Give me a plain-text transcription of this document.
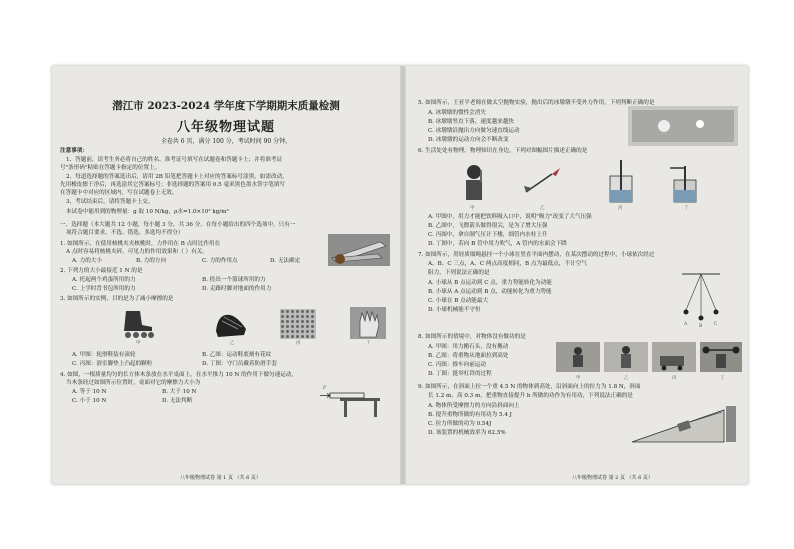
潜江市 2023-2024 学年度下学期期末质量检测
八年级物理试题
全卷共 6 页，满分 100 分，考试时间 90 分钟。
注意事项：
1、答题前，请考生务必将自己的姓名、准考证号填写在试题卷和答题卡上；并将准考证
号"条形码"粘贴在答题卡指定的位置上。
2、每道选择题的答案选出后，请用 2B 铅笔把答题卡上对应的答案标号涂黑，如需改动，
先用橡皮擦干净后，再选涂其它答案标号；非选择题的答案用 0.5 毫米黑色墨水签字笔填写
在答题卡中对应的区域内，写在试题卷上无效。
3、考试结束后，请将答题卡上交。
本试卷中能用到的物理量：g 取 10 N/kg，ρ水=1.0×10³ kg/m³
一、选择题（本大题共 12 小题，每小题 3 分，共 36 分。在每小题给出的四个选项中，只有一
项符合题目要求，不选、错选、多选均不得分）
1. 如图所示，在使用核桃夹夹核桃时，力作用在 B 点时比作用在
A 点时容易将核桃夹碎，可见力的作用效果和（ ）有关。
A. 力的大小	B. 力的方向	C. 力的作用点	D. 无法确定
2. 下列力的大小最接近 1 N 的是
A. 托起两个鸡蛋所用的力	B. 投出一个篮球所用的力
C. 上学时背书包所用的力	D. 走路时脚对地面的作用力
3. 如图所示的实例，目的是为了减小摩擦的是
甲	乙	丙	丁
A. 甲图：轮滑鞋装有滚轮	B. 乙图：运动鞋底刻有花纹
C. 丙图：浴室脚垫上凸起的颗粒	D. 丁图：守门员戴着防滑手套
4. 如图，一根质量均匀的长方体木条放在水平桌面上，在水平推力 10 N 的作用下做匀速运动，
当木条经过如图所示位置时，桌面对它的摩擦力大小为
A. 等于 10 N	B. 大于 10 N
C. 小于 10 N	D. 无法判断
F
八年级物理试卷 第 1 页 （共 6 页）
5. 如图所示，王亚平老师在做太空抛物实验，抛出后的冰墩墩不受外力作用，下列判断正确的是
A. 冰墩墩的惯性会消失
B. 冰墩墩竖直下落，速度越来越快
C. 冰墩墩沿抛出方向做匀速直线运动
D. 冰墩墩的运动方向会不断改变
6. 生活处处有物理，物理知识在身边，下列对图幅图片描述正确的是
甲	乙	丙	丁
A. 甲图中，用力才能把饮料吸入口中，说明"吸力"改变了大气压强
B. 乙图中，飞镖箭头做得很尖，是为了增大压强
C. 丙图中，拿自制气压计下楼，细管内水柱上升
D. 丁图中，若向 B 管中用力吹气，A 管内的水面会下降
7. 如图所示，用轻质细绳悬挂一个小球在竖直平面内摆动，在某次摆动的过程中，小球依次经过
A、B、C 三点，A、C 两点高度相同，B 点为最低点，不计空气
阻力，下列说法正确的是
A. 小球从 B 点运动到 C 点，重力势能转化为动能
B. 小球从 A 点运动到 B 点，动能转化为重力势能
C. 小球在 B 点动能最大
D. 小球机械能不守恒
A	B	C
8. 如图所示的情境中，对物体没有做功的是
A. 甲图：用力搬石头，没有搬动
B. 乙图：将重物从地面拉到高处
C. 丙图：推车向前运动
D. 丁图：挺举杠铃的过程
甲	乙	丙	丁
9. 如图所示，在斜面上拉一个重 4.5 N 的物体到高处，沿斜面向上的拉力为 1.8 N，斜面
长 1.2 m，高 0.3 m，把重物直接提升 h 所做的功作为有用功，下列说法正确的是
A. 物体所受摩擦力的方向沿斜面向上
B. 提升重物所做的有用功为 5.4 J
C. 拉力所做的功为 0.54J
D. 该装置的机械效率为 62.5%
八年级物理试卷 第 2 页 （共 6 页）
